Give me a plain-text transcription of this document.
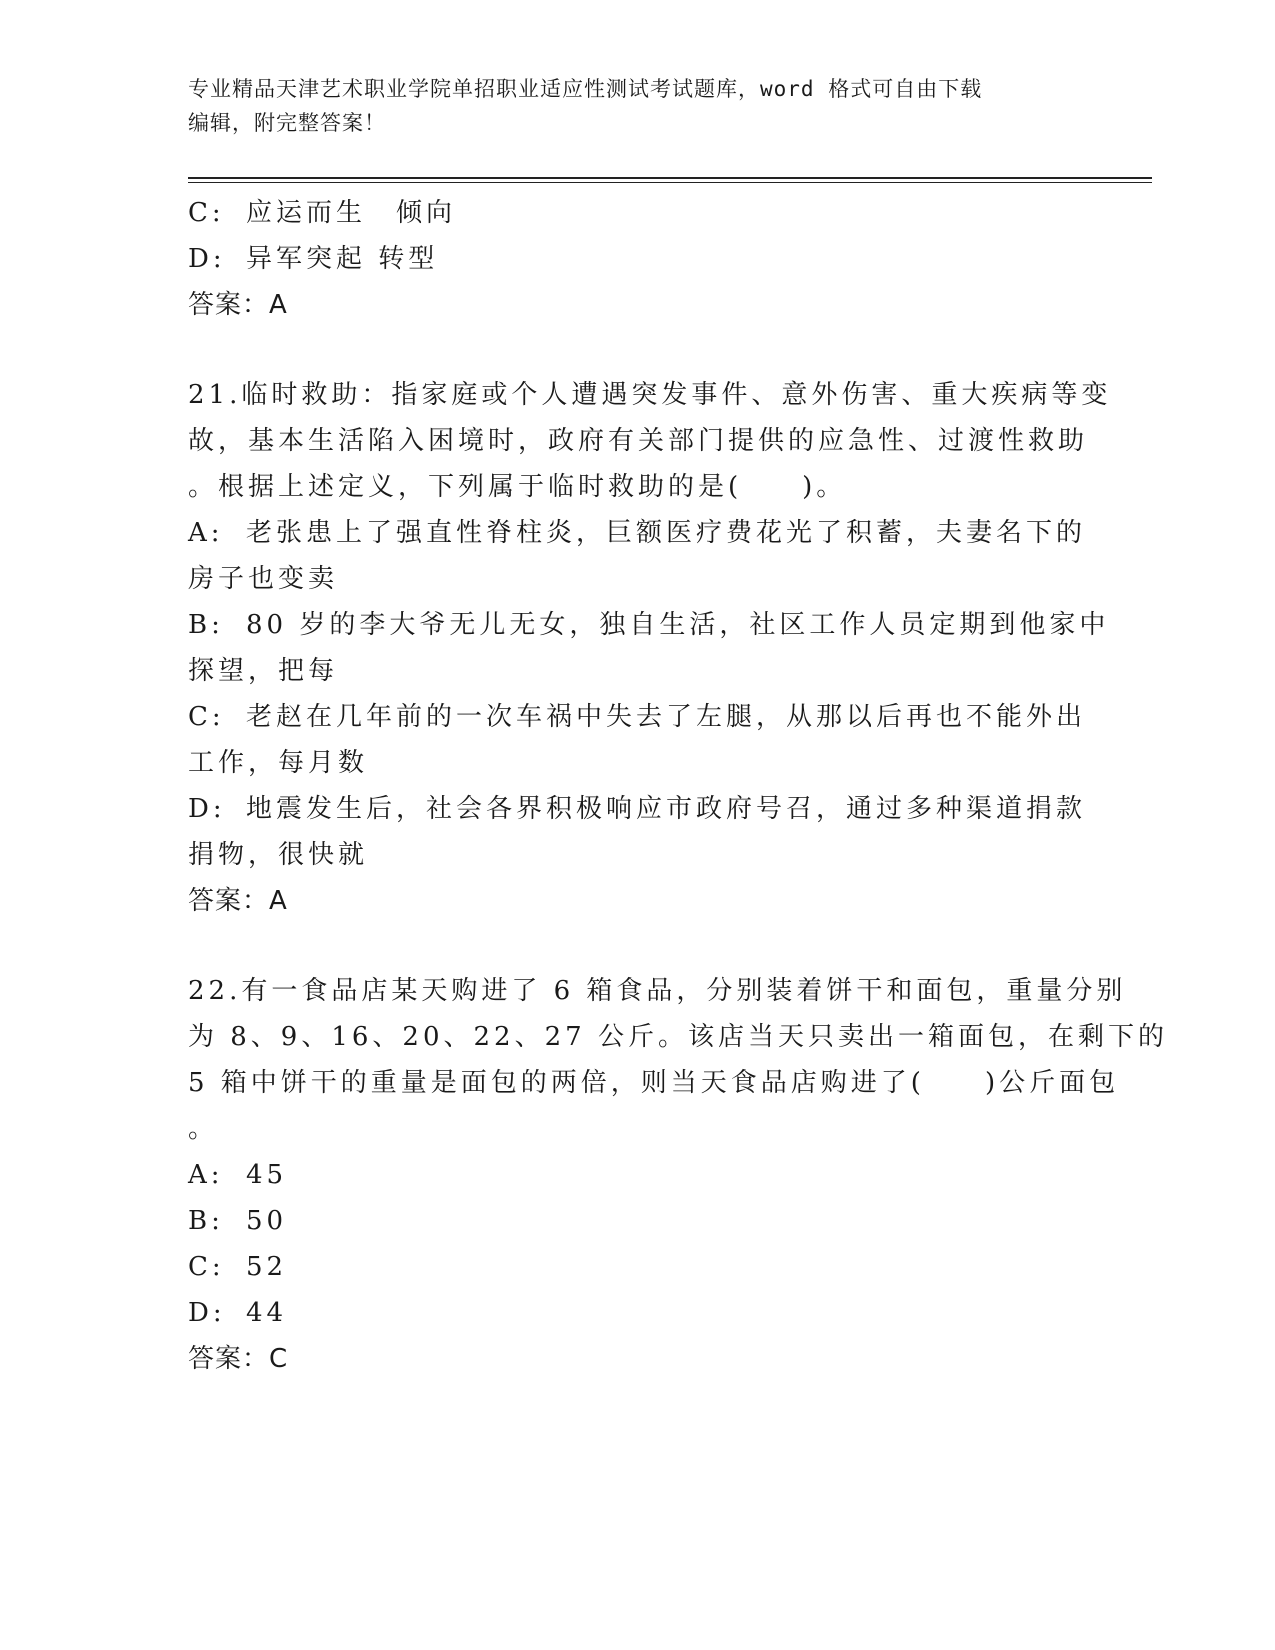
专业精品天津艺术职业学院单招职业适应性测试考试题库，word 格式可自由下载
编辑，附完整答案！
C: 应运而生　倾向
D: 异军突起 转型
答案：A
21.临时救助：指家庭或个人遭遇突发事件、意外伤害、重大疾病等变
故，基本生活陷入困境时，政府有关部门提供的应急性、过渡性救助
。根据上述定义，下列属于临时救助的是(　　)。
A: 老张患上了强直性脊柱炎，巨额医疗费花光了积蓄，夫妻名下的
房子也变卖
B: 80 岁的李大爷无儿无女，独自生活，社区工作人员定期到他家中
探望，把每
C: 老赵在几年前的一次车祸中失去了左腿，从那以后再也不能外出
工作，每月数
D: 地震发生后，社会各界积极响应市政府号召，通过多种渠道捐款
捐物，很快就
答案：A
22.有一食品店某天购进了 6 箱食品，分别装着饼干和面包，重量分别
为 8、9、16、20、22、27 公斤。该店当天只卖出一箱面包，在剩下的
5 箱中饼干的重量是面包的两倍，则当天食品店购进了(　　)公斤面包
。
A: 45
B: 50
C: 52
D: 44
答案：C
